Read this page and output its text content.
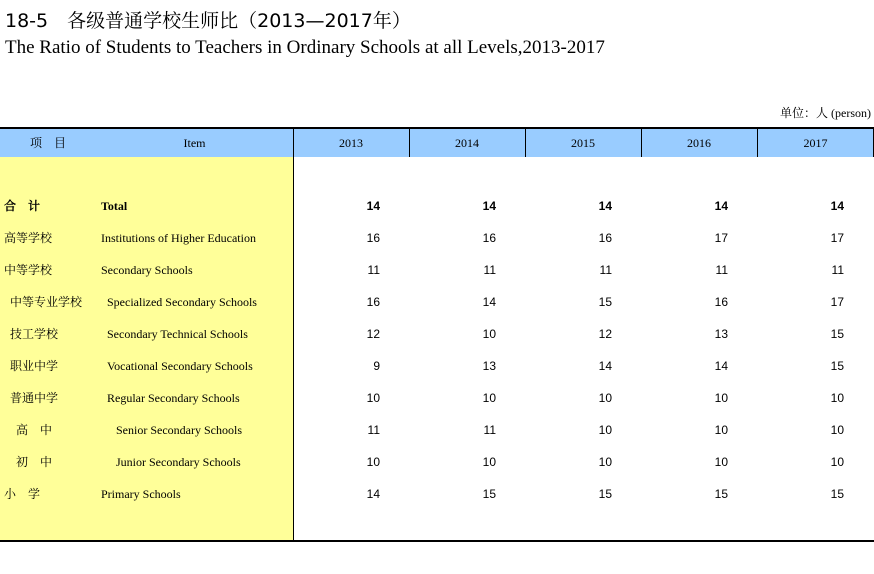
18-5　各级普通学校生师比（2013—2017年）
The Ratio of Students to Teachers in Ordinary Schools at all Levels,2013-2017
单位：人 (person)
项　目	Item	2013	2014	2015	2016	2017
合　计	Total	14	14	14	14	14
高等学校	Institutions of Higher Education	16	16	16	17	17
中等学校	Secondary Schools	11	11	11	11	11
中等专业学校 Specialized Secondary Schools	16	14	15	16	17
技工学校	Secondary Technical Schools	12	10	12	13	15
职业中学	Vocational Secondary Schools	9	13	14	14	15
普通中学	Regular Secondary Schools	10	10	10	10	10
高　中	Senior Secondary Schools	11	11	10	10	10
初　中	Junior Secondary Schools	10	10	10	10	10
小　学	Primary Schools	14	15	15	15	15
